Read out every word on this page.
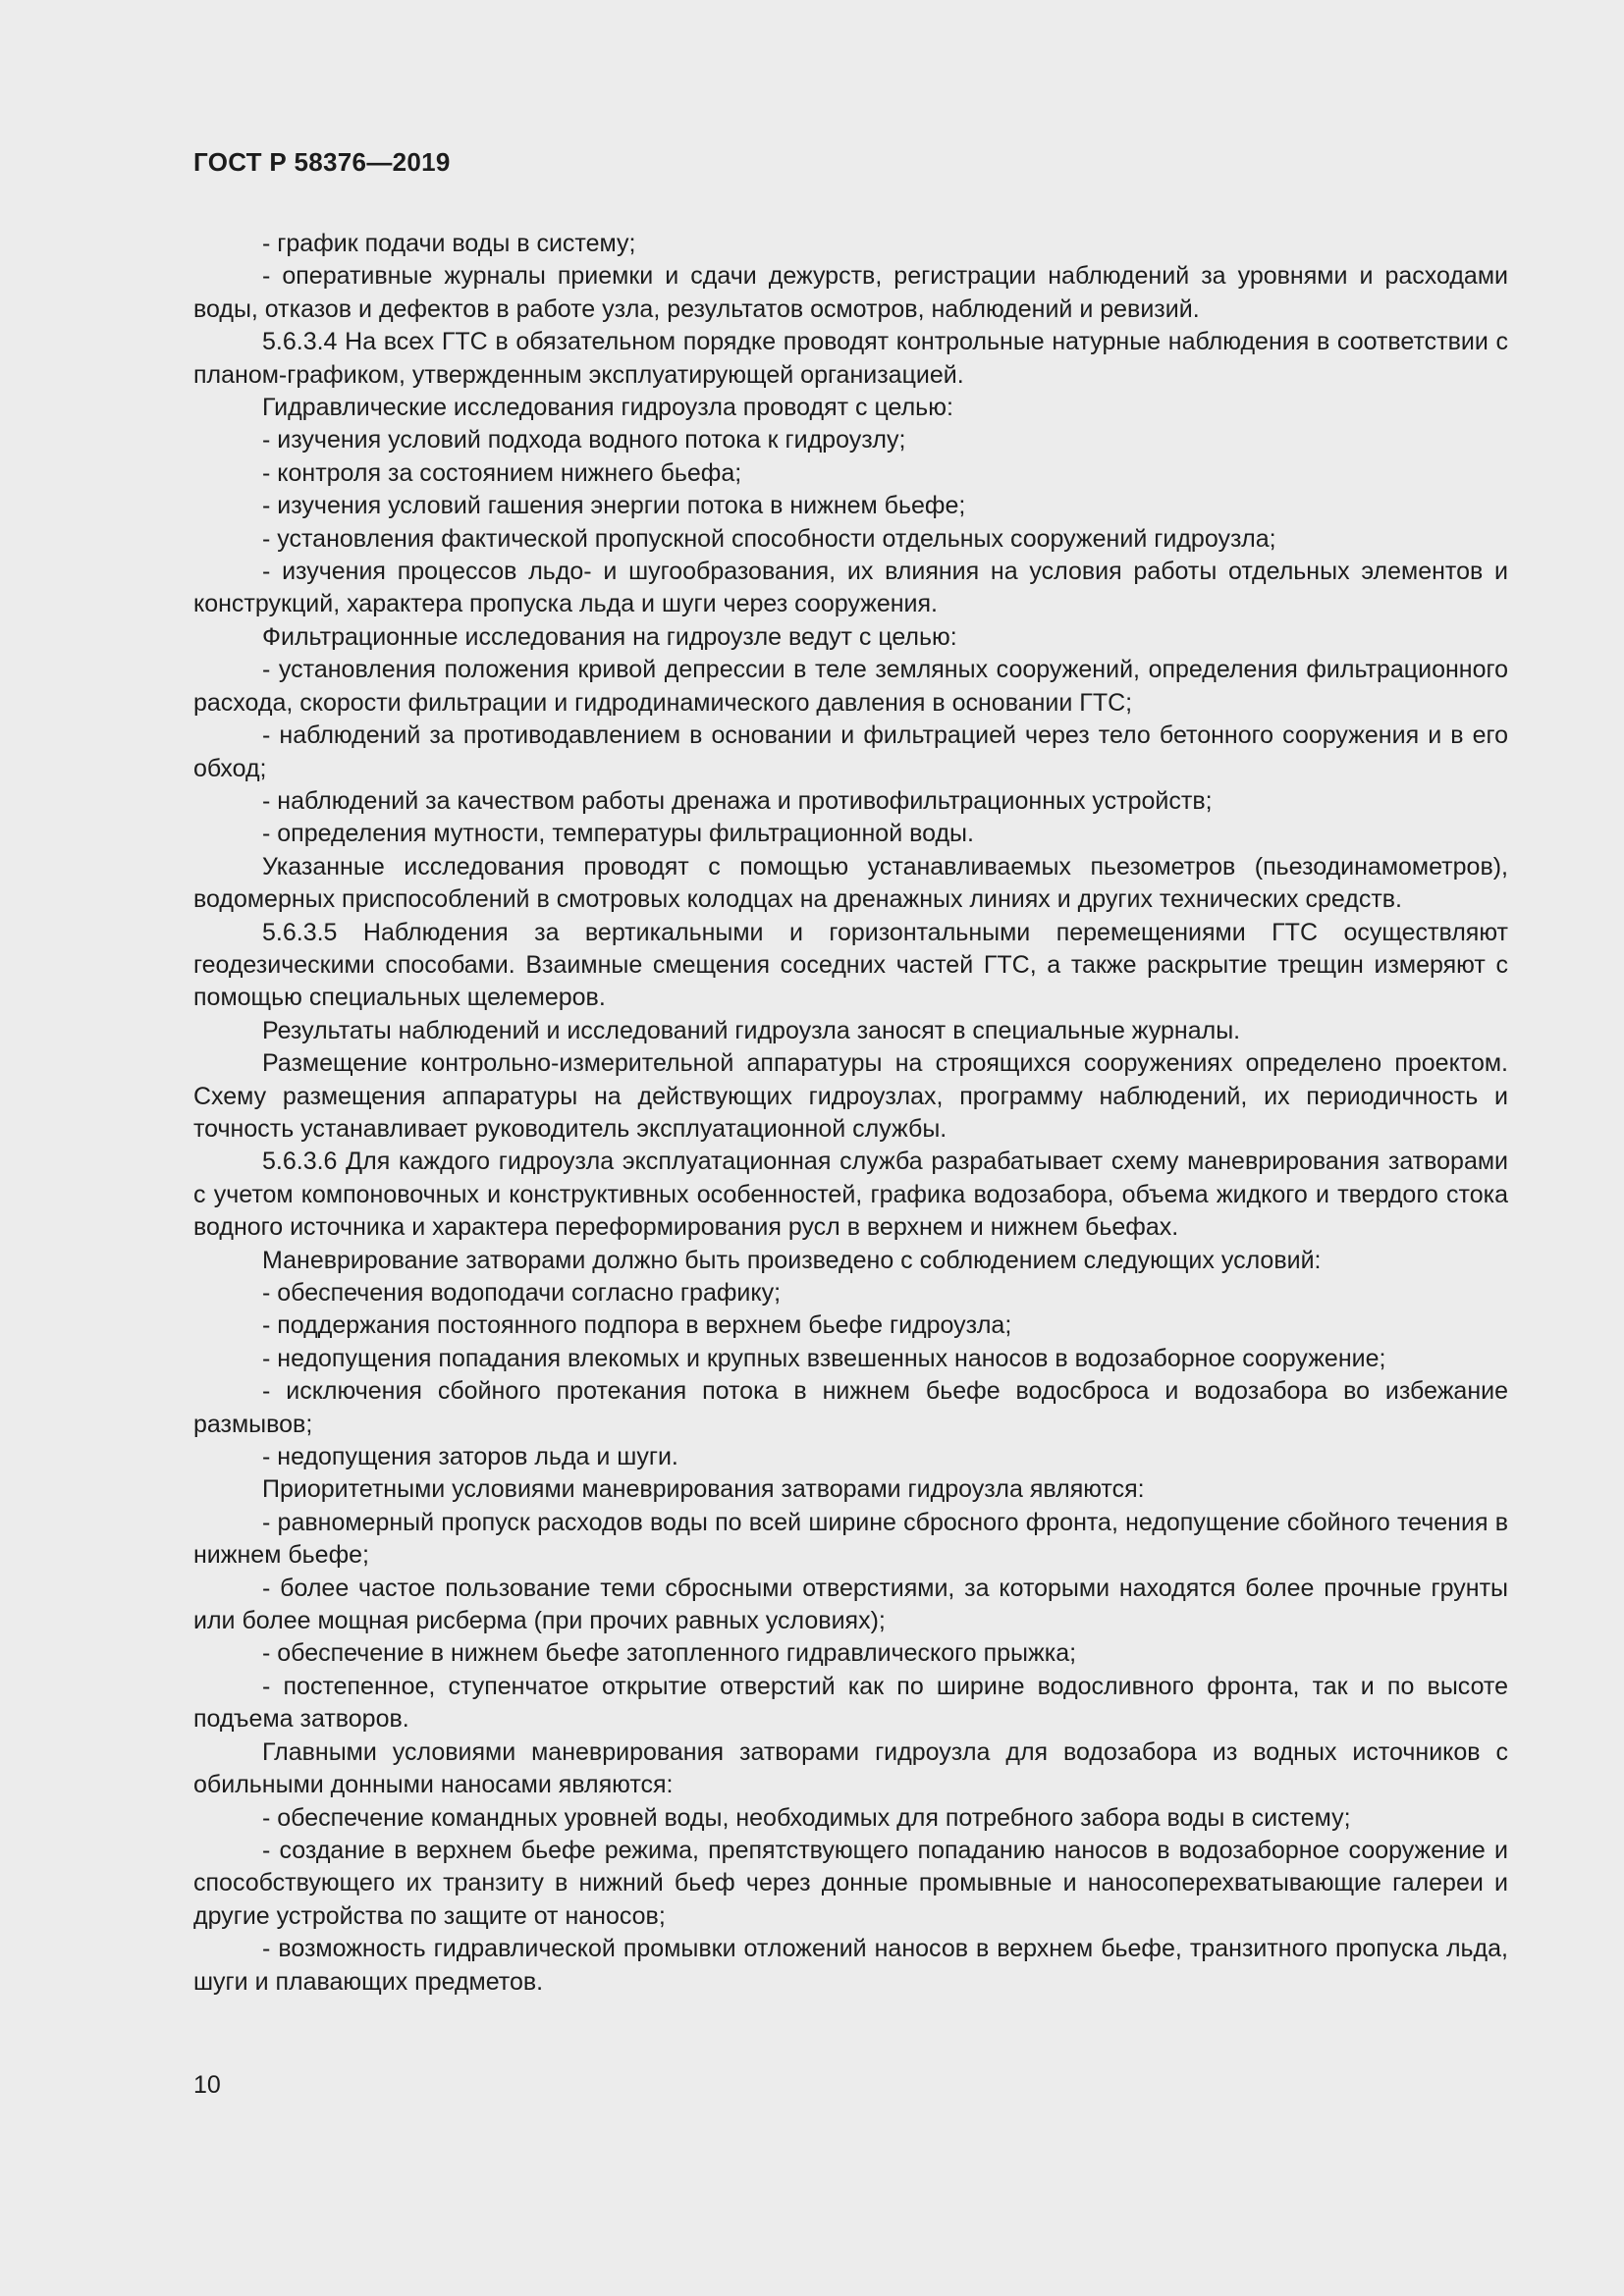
ГОСТ Р 58376—2019

- график подачи воды в систему;

- оперативные журналы приемки и сдачи дежурств, регистрации наблюдений за уровнями и расходами воды, отказов и дефектов в работе узла, результатов осмотров, наблюдений и ревизий.

5.6.3.4 На всех ГТС в обязательном порядке проводят контрольные натурные наблюдения в соответствии с планом-графиком, утвержденным эксплуатирующей организацией.

Гидравлические исследования гидроузла проводят с целью:

- изучения условий подхода водного потока к гидроузлу;

- контроля за состоянием нижнего бьефа;

- изучения условий гашения энергии потока в нижнем бьефе;

- установления фактической пропускной способности отдельных сооружений гидроузла;

- изучения процессов льдо- и шугообразования, их влияния на условия работы отдельных элементов и конструкций, характера пропуска льда и шуги через сооружения.

Фильтрационные исследования на гидроузле ведут с целью:

- установления положения кривой депрессии в теле земляных сооружений, определения фильтрационного расхода, скорости фильтрации и гидродинамического давления в основании ГТС;

- наблюдений за противодавлением в основании и фильтрацией через тело бетонного сооружения и в его обход;

- наблюдений за качеством работы дренажа и противофильтрационных устройств;

- определения мутности, температуры фильтрационной воды.

Указанные исследования проводят с помощью устанавливаемых пьезометров (пьезодинамометров), водомерных приспособлений в смотровых колодцах на дренажных линиях и других технических средств.

5.6.3.5 Наблюдения за вертикальными и горизонтальными перемещениями ГТС осуществляют геодезическими способами. Взаимные смещения соседних частей ГТС, а также раскрытие трещин измеряют с помощью специальных щелемеров.

Результаты наблюдений и исследований гидроузла заносят в специальные журналы.

Размещение контрольно-измерительной аппаратуры на строящихся сооружениях определено проектом. Схему размещения аппаратуры на действующих гидроузлах, программу наблюдений, их периодичность и точность устанавливает руководитель эксплуатационной службы.

5.6.3.6 Для каждого гидроузла эксплуатационная служба разрабатывает схему маневрирования затворами с учетом компоновочных и конструктивных особенностей, графика водозабора, объема жидкого и твердого стока водного источника и характера переформирования русл в верхнем и нижнем бьефах.

Маневрирование затворами должно быть произведено с соблюдением следующих условий:

- обеспечения водоподачи согласно графику;

- поддержания постоянного подпора в верхнем бьефе гидроузла;

- недопущения попадания влекомых и крупных взвешенных наносов в водозаборное сооружение;

- исключения сбойного протекания потока в нижнем бьефе водосброса и водозабора во избежание размывов;

- недопущения заторов льда и шуги.

Приоритетными условиями маневрирования затворами гидроузла являются:

- равномерный пропуск расходов воды по всей ширине сбросного фронта, недопущение сбойного течения в нижнем бьефе;

- более частое пользование теми сбросными отверстиями, за которыми находятся более прочные грунты или более мощная рисберма (при прочих равных условиях);

- обеспечение в нижнем бьефе затопленного гидравлического прыжка;

- постепенное, ступенчатое открытие отверстий как по ширине водосливного фронта, так и по высоте подъема затворов.

Главными условиями маневрирования затворами гидроузла для водозабора из водных источников с обильными донными наносами являются:

- обеспечение командных уровней воды, необходимых для потребного забора воды в систему;

- создание в верхнем бьефе режима, препятствующего попаданию наносов в водозаборное сооружение и способствующего их транзиту в нижний бьеф через донные промывные и наносоперехватывающие галереи и другие устройства по защите от наносов;

- возможность гидравлической промывки отложений наносов в верхнем бьефе, транзитного пропуска льда, шуги и плавающих предметов.

10
